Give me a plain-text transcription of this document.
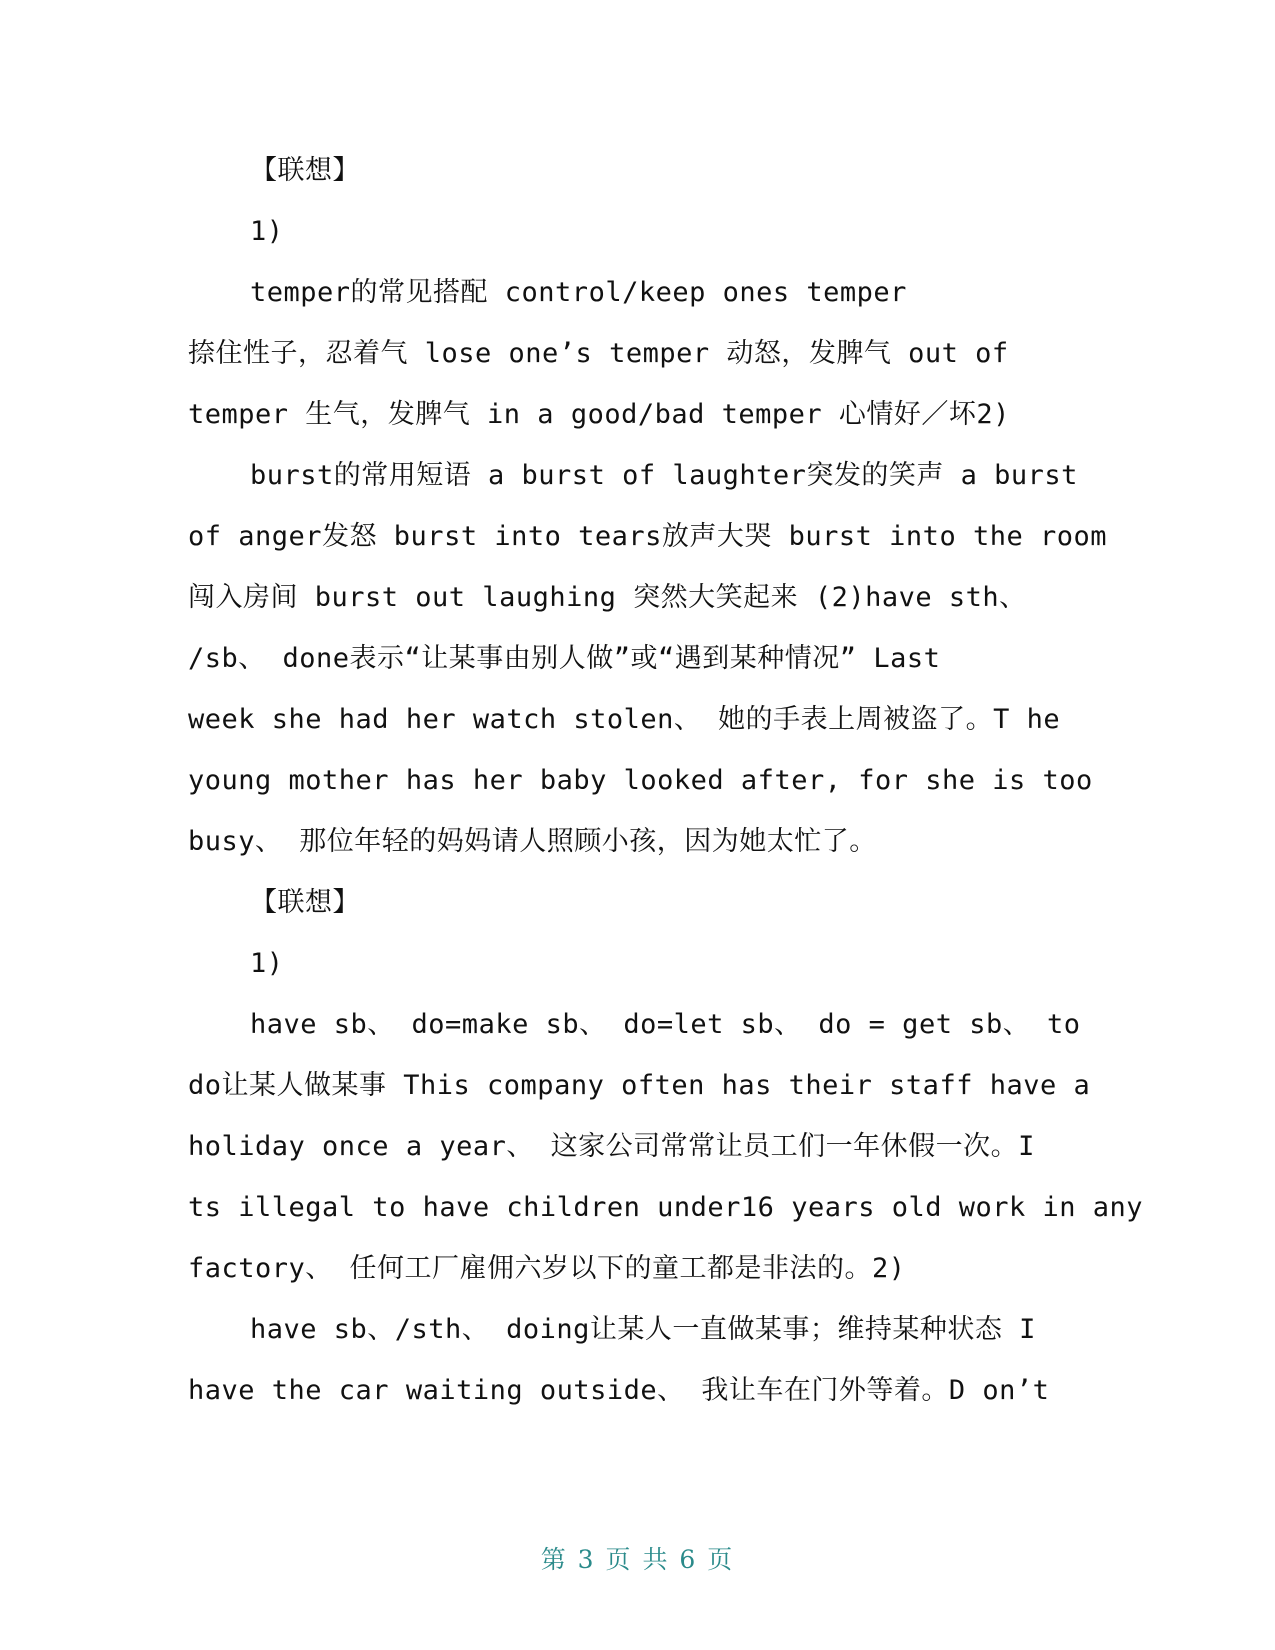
【联想】
1)
temper的常见搭配 control/keep ones temper
捺住性子，忍着气 lose one’s temper 动怒，发脾气 out of
temper 生气，发脾气 in a good/bad temper 心情好／坏2)
burst的常用短语 a burst of laughter突发的笑声 a burst
of anger发怒 burst into tears放声大哭 burst into the room
闯入房间 burst out laughing 突然大笑起来 (2)have sth、
/sb、 done表示“让某事由别人做”或“遇到某种情况” Last
week she had her watch stolen、 她的手表上周被盗了。T he
young mother has her baby looked after, for she is too
busy、 那位年轻的妈妈请人照顾小孩，因为她太忙了。
【联想】
1)
have sb、 do=make sb、 do=let sb、 do = get sb、 to
do让某人做某事 This company often has their staff have a
holiday once a year、 这家公司常常让员工们一年休假一次。I
ts illegal to have children under16 years old work in any
factory、 任何工厂雇佣六岁以下的童工都是非法的。2)
have sb、/sth、 doing让某人一直做某事；维持某种状态 I
have the car waiting outside、 我让车在门外等着。D on’t
第 3 页 共 6 页
